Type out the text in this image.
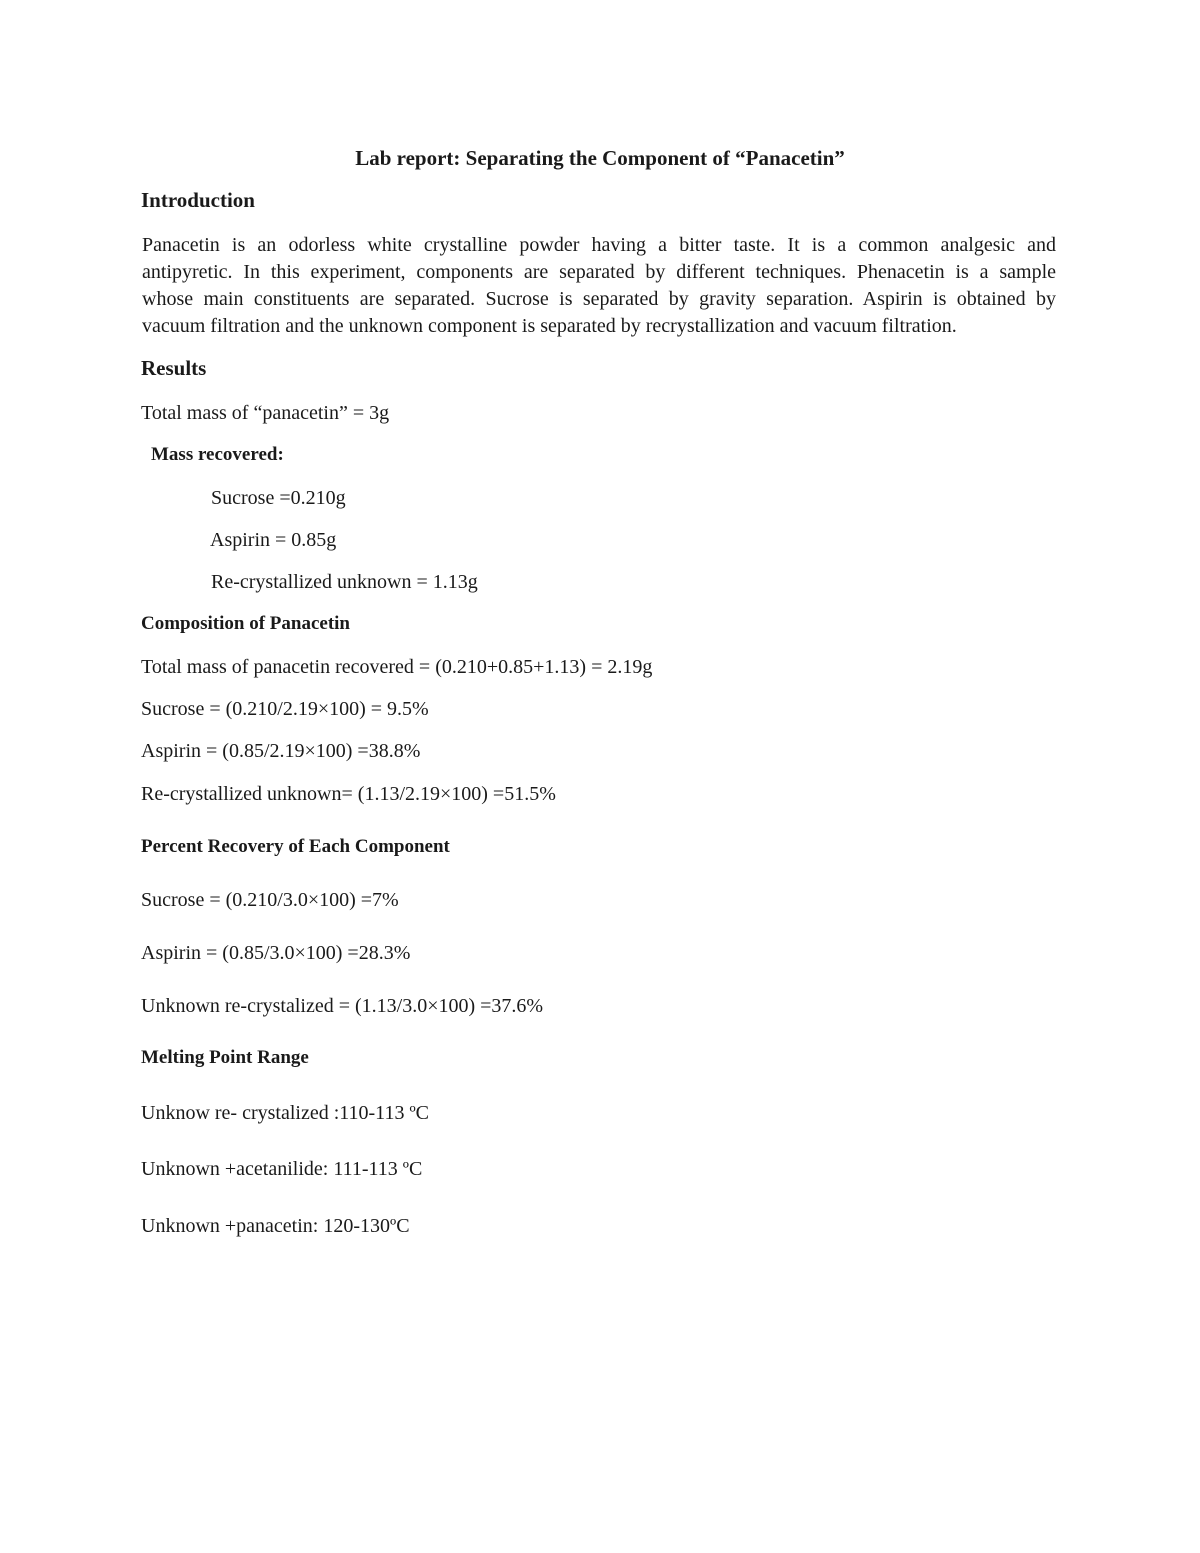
Lab report: Separating the Component of “Panacetin”
Introduction

Panacetin is an odorless white crystalline powder having a bitter taste. It is a common analgesic and
antipyretic. In this experiment, components are separated by different techniques. Phenacetin is a sample
whose main constituents are separated. Sucrose is separated by gravity separation. Aspirin is obtained by
vacuum filtration and the unknown component is separated by recrystallization and vacuum filtration.

Results

Total mass of “panacetin” = 3g

Mass recovered:

Sucrose =0.210g

Aspirin = 0.85g

Re-crystallized unknown = 1.13g

Composition of Panacetin

Total mass of panacetin recovered = (0.210+0.85+1.13) = 2.19g

Sucrose = (0.210/2.19×100) = 9.5%

Aspirin = (0.85/2.19×100) =38.8%

Re-crystallized unknown= (1.13/2.19×100) =51.5%

Percent Recovery of Each Component

Sucrose = (0.210/3.0×100) =7%

Aspirin = (0.85/3.0×100) =28.3%

Unknown re-crystalized = (1.13/3.0×100) =37.6%

Melting Point Range

Unknow re- crystalized :110-113 ºC

Unknown +acetanilide: 111-113 ºC

Unknown +panacetin: 120-130ºC
